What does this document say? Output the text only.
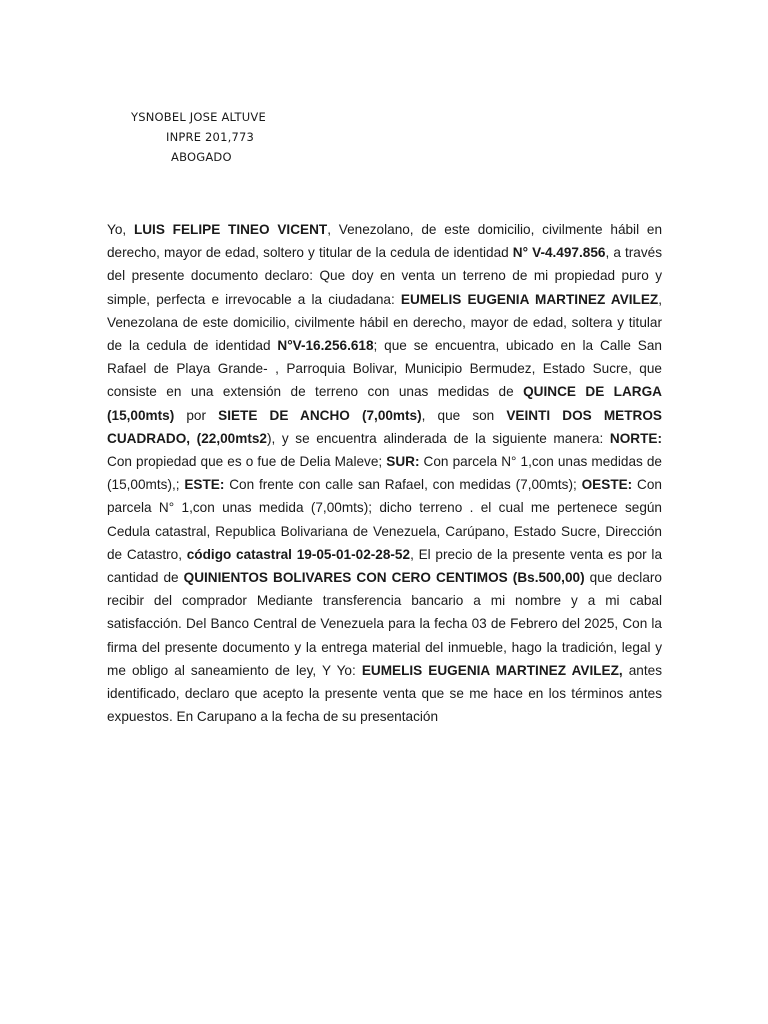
YSNOBEL JOSE ALTUVE
INPRE 201,773
ABOGADO
Yo, LUIS FELIPE TINEO VICENT, Venezolano, de este domicilio, civilmente hábil en derecho, mayor de edad, soltero y titular de la cedula de identidad N° V-4.497.856, a través del presente documento declaro: Que doy en venta un terreno de mi propiedad puro y simple, perfecta e irrevocable a la ciudadana: EUMELIS EUGENIA MARTINEZ AVILEZ, Venezolana de este domicilio, civilmente hábil en derecho, mayor de edad, soltera y titular de la cedula de identidad N°V-16.256.618; que se encuentra, ubicado en la Calle San Rafael de Playa Grande- , Parroquia Bolivar, Municipio Bermudez, Estado Sucre, que consiste en una extensión de terreno con unas medidas de QUINCE DE LARGA (15,00mts) por SIETE DE ANCHO (7,00mts), que son VEINTI DOS METROS CUADRADO, (22,00mts2), y se encuentra alinderada de la siguiente manera: NORTE: Con propiedad que es o fue de Delia Maleve; SUR: Con parcela N° 1,con unas medidas de (15,00mts),; ESTE: Con frente con calle san Rafael, con medidas (7,00mts); OESTE: Con parcela N° 1,con unas medida (7,00mts); dicho terreno . el cual me pertenece según Cedula catastral, Republica Bolivariana de Venezuela, Carúpano, Estado Sucre, Dirección de Catastro, código catastral 19-05-01-02-28-52, El precio de la presente venta es por la cantidad de QUINIENTOS BOLIVARES CON CERO CENTIMOS (Bs.500,00) que declaro recibir del comprador Mediante transferencia bancario a mi nombre y a mi cabal satisfacción. Del Banco Central de Venezuela para la fecha 03 de Febrero del 2025, Con la firma del presente documento y la entrega material del inmueble, hago la tradición, legal y me obligo al saneamiento de ley, Y Yo: EUMELIS EUGENIA MARTINEZ AVILEZ, antes identificado, declaro que acepto la presente venta que se me hace en los términos antes expuestos. En Carupano a la fecha de su presentación
